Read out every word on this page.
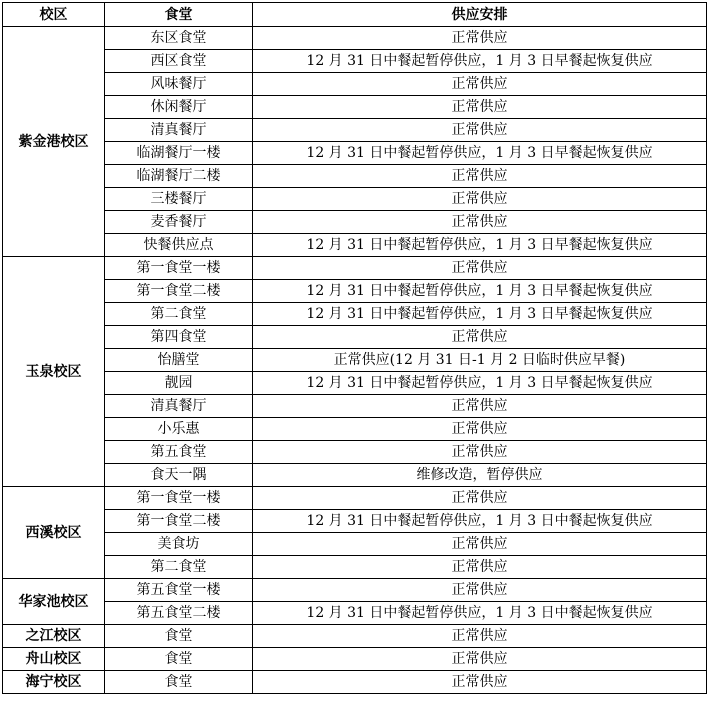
校区	食堂	供应安排
紫金港校区	东区食堂	正常供应
	西区食堂	12 月 31 日中餐起暂停供应，1 月 3 日早餐起恢复供应
	风味餐厅	正常供应
	休闲餐厅	正常供应
	清真餐厅	正常供应
	临湖餐厅一楼	12 月 31 日中餐起暂停供应，1 月 3 日早餐起恢复供应
	临湖餐厅二楼	正常供应
	三楼餐厅	正常供应
	麦香餐厅	正常供应
	快餐供应点	12 月 31 日中餐起暂停供应，1 月 3 日早餐起恢复供应
玉泉校区	第一食堂一楼	正常供应
	第一食堂二楼	12 月 31 日中餐起暂停供应，1 月 3 日早餐起恢复供应
	第二食堂	12 月 31 日中餐起暂停供应，1 月 3 日早餐起恢复供应
	第四食堂	正常供应
	怡膳堂	正常供应(12 月 31 日-1 月 2 日临时供应早餐)
	靓园	12 月 31 日中餐起暂停供应，1 月 3 日早餐起恢复供应
	清真餐厅	正常供应
	小乐惠	正常供应
	第五食堂	正常供应
	食天一隅	维修改造，暂停供应
西溪校区	第一食堂一楼	正常供应
	第一食堂二楼	12 月 31 日中餐起暂停供应，1 月 3 日中餐起恢复供应
	美食坊	正常供应
	第二食堂	正常供应
华家池校区	第五食堂一楼	正常供应
	第五食堂二楼	12 月 31 日中餐起暂停供应，1 月 3 日中餐起恢复供应
之江校区	食堂	正常供应
舟山校区	食堂	正常供应
海宁校区	食堂	正常供应
